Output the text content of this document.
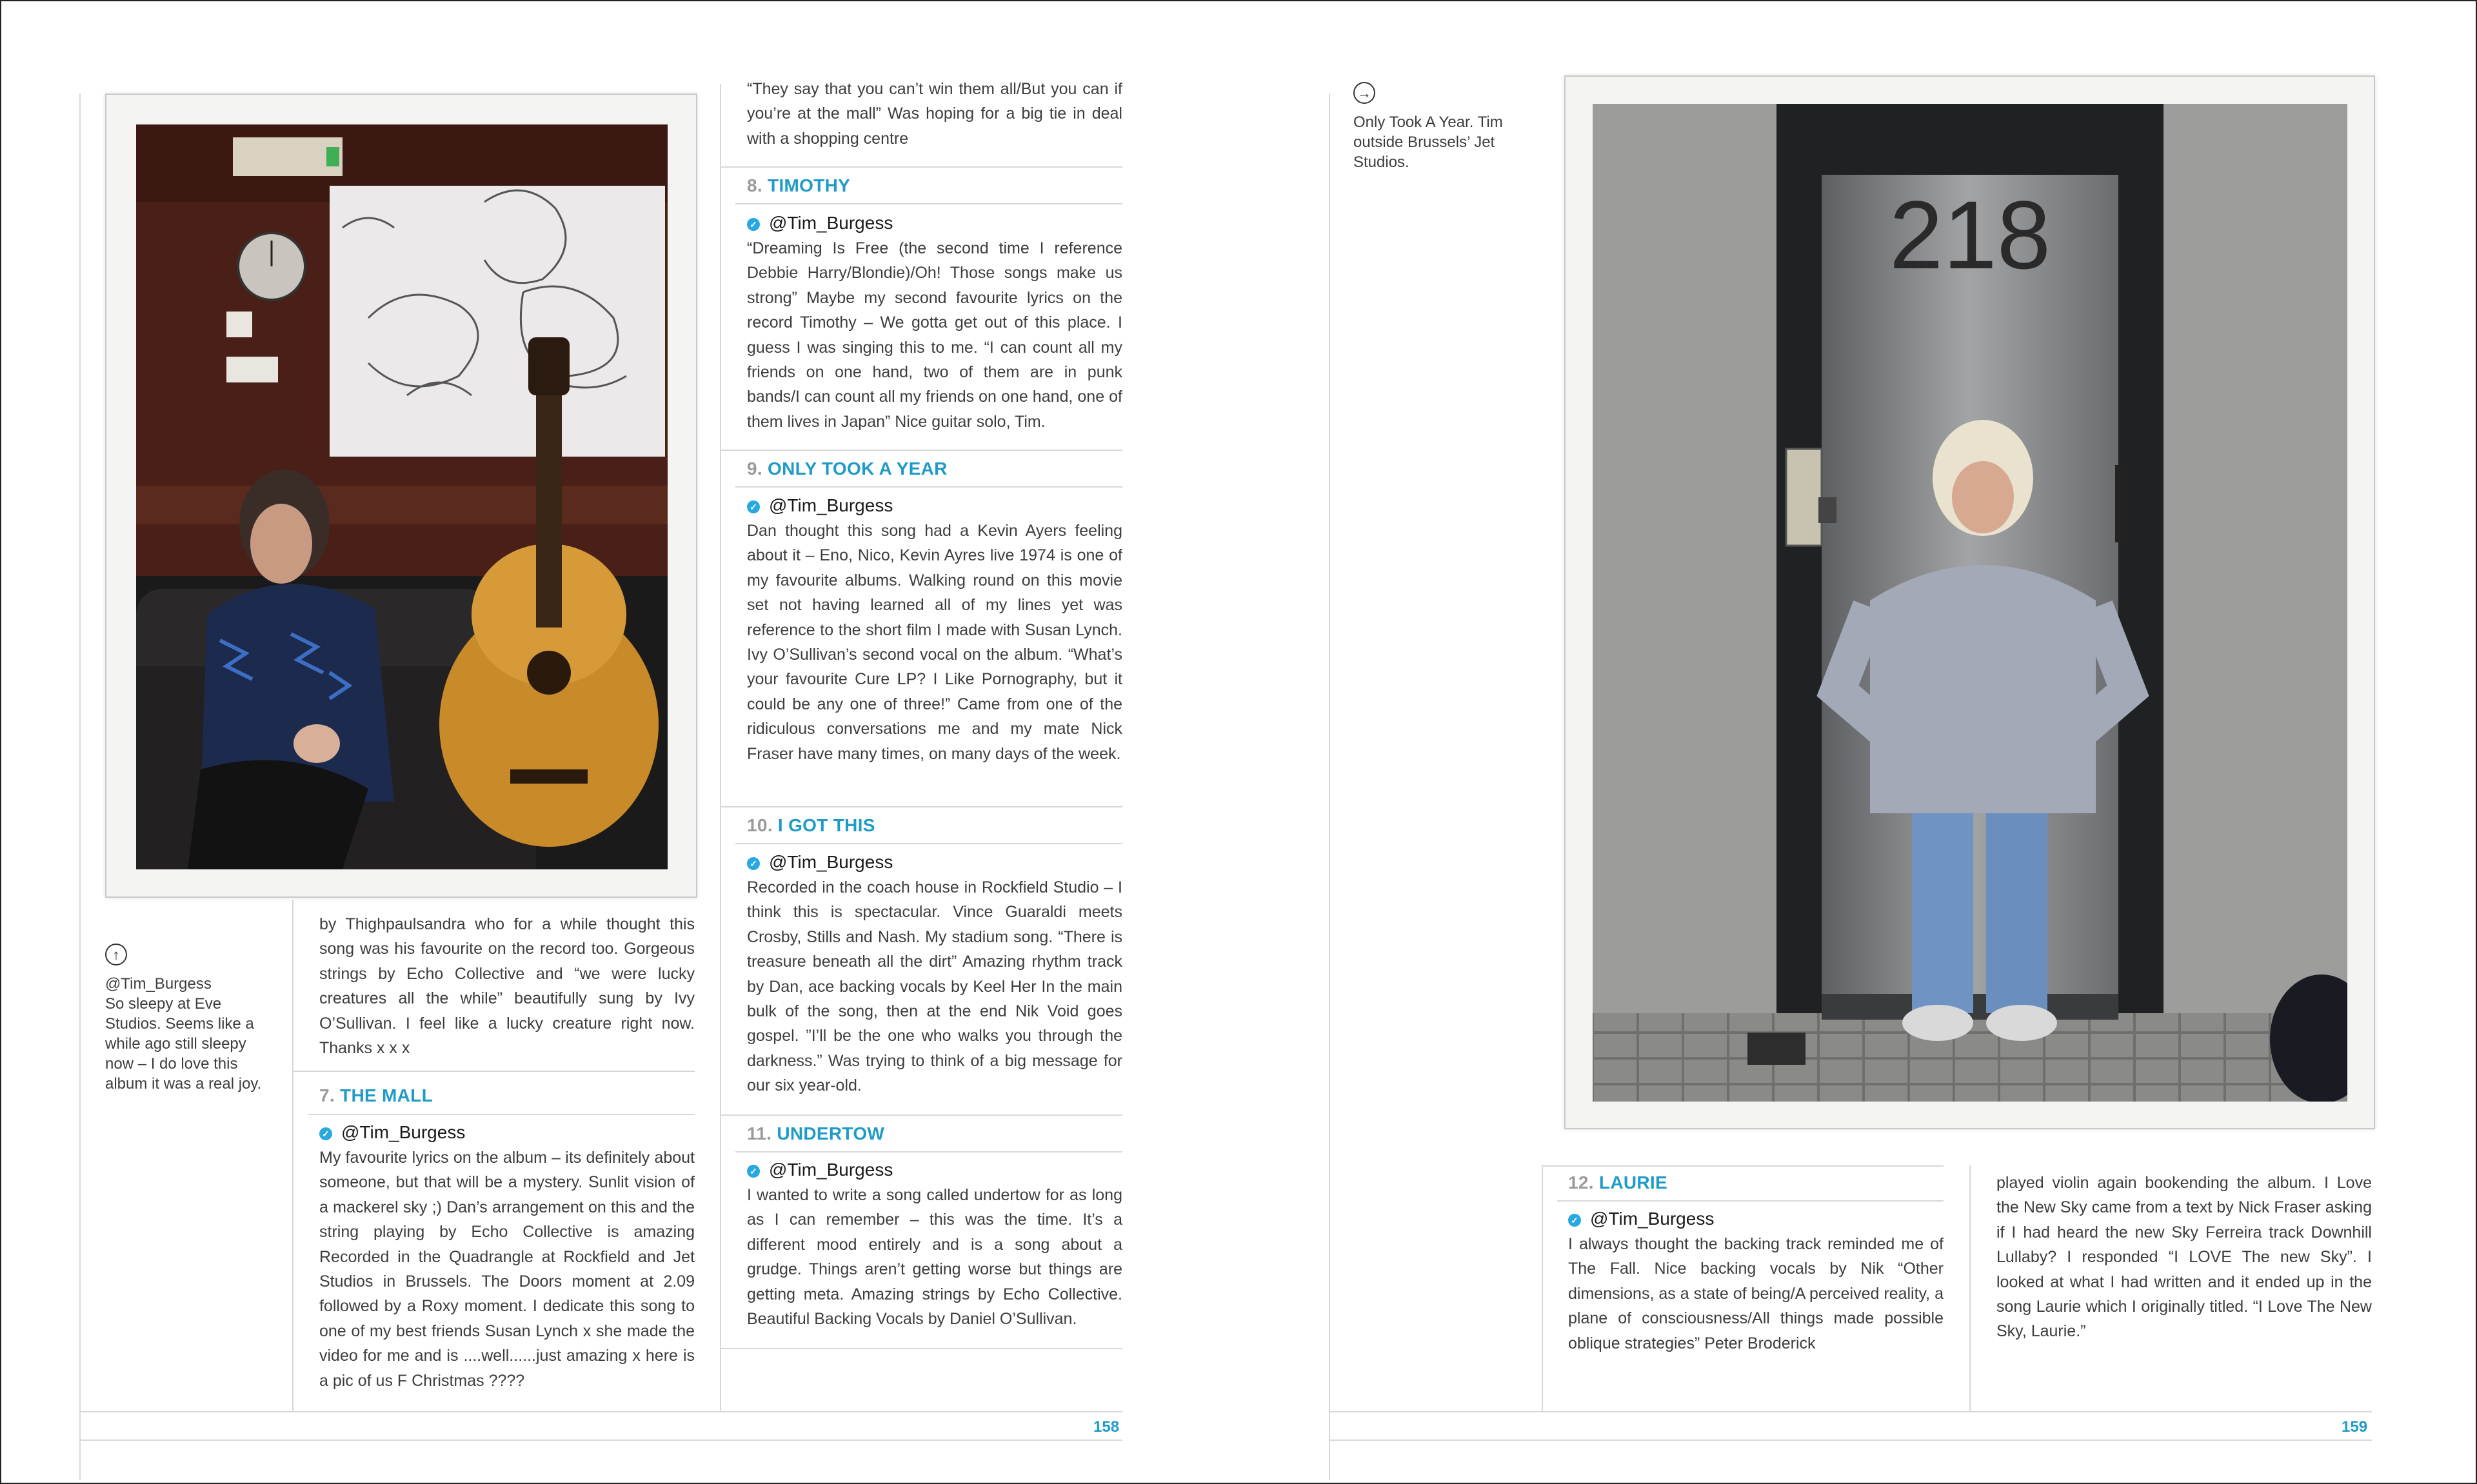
↑

@Tim_Burgess

So sleepy at Eve Studios. Seems like a while ago still sleepy now – I do love this album it was a real joy.

by Thighpaulsandra who for a while thought this song was his favourite on the record too. Gorgeous strings by Echo Collective and “we were lucky creatures all the while” beautifully sung by Ivy O’Sullivan. I feel like a lucky creature right now. Thanks x x x

7. THE MALL
✓ @Tim_Burgess

My favourite lyrics on the album – its definitely about someone, but that will be a mystery. Sunlit vision of a mackerel sky ;) Dan’s arrangement on this and the string playing by Echo Collective is amazing Recorded in the Quadrangle at Rockfield and Jet Studios in Brussels. The Doors moment at 2.09 followed by a Roxy moment. I dedicate this song to one of my best friends Susan Lynch x she made the video for me and is ....well......just amazing x here is a pic of us F Christmas ????

“They say that you can’t win them all/But you can if you’re at the mall” Was hoping for a big tie in deal with a shopping centre

8. TIMOTHY
✓ @Tim_Burgess

“Dreaming Is Free (the second time I reference Debbie Harry/Blondie)/Oh! Those songs make us strong” Maybe my second favourite lyrics on the record Timothy – We gotta get out of this place. I guess I was singing this to me. “I can count all my friends on one hand, two of them are in punk bands/I can count all my friends on one hand, one of them lives in Japan” Nice guitar solo, Tim.

9. ONLY TOOK A YEAR
✓ @Tim_Burgess

Dan thought this song had a Kevin Ayers feeling about it – Eno, Nico, Kevin Ayres live 1974 is one of my favourite albums. Walking round on this movie set not having learned all of my lines yet was reference to the short film I made with Susan Lynch. Ivy O’Sullivan’s second vocal on the album. “What’s your favourite Cure LP? I Like Pornography, but it could be any one of three!” Came from one of the ridiculous conversations me and my mate Nick Fraser have many times, on many days of the week.

10. I GOT THIS
✓ @Tim_Burgess

Recorded in the coach house in Rockfield Studio – I think this is spectacular. Vince Guaraldi meets Crosby, Stills and Nash. My stadium song. “There is treasure beneath all the dirt” Amazing rhythm track by Dan, ace backing vocals by Keel Her In the main bulk of the song, then at the end Nik Void goes gospel. ”I’ll be the one who walks you through the darkness.” Was trying to think of a big message for our six year-old.

11. UNDERTOW
✓ @Tim_Burgess

I wanted to write a song called undertow for as long as I can remember – this was the time. It’s a different mood entirely and is a song about a grudge. Things aren’t getting worse but things are getting meta. Amazing strings by Echo Collective. Beautiful Backing Vocals by Daniel O’Sullivan.

158
→

Only Took A Year. Tim outside Brussels’ Jet Studios.

218
12. LAURIE
✓ @Tim_Burgess

I always thought the backing track reminded me of The Fall. Nice backing vocals by Nik “Other dimensions, as a state of being/A perceived reality, a plane of consciousness/All things made possible oblique strategies” Peter Broderick

played violin again bookending the album. I Love the New Sky came from a text by Nick Fraser asking if I had heard the new Sky Ferreira track Downhill Lullaby? I responded “I LOVE The new Sky”. I looked at what I had written and it ended up in the song Laurie which I originally titled. “I Love The New Sky, Laurie.”

159
